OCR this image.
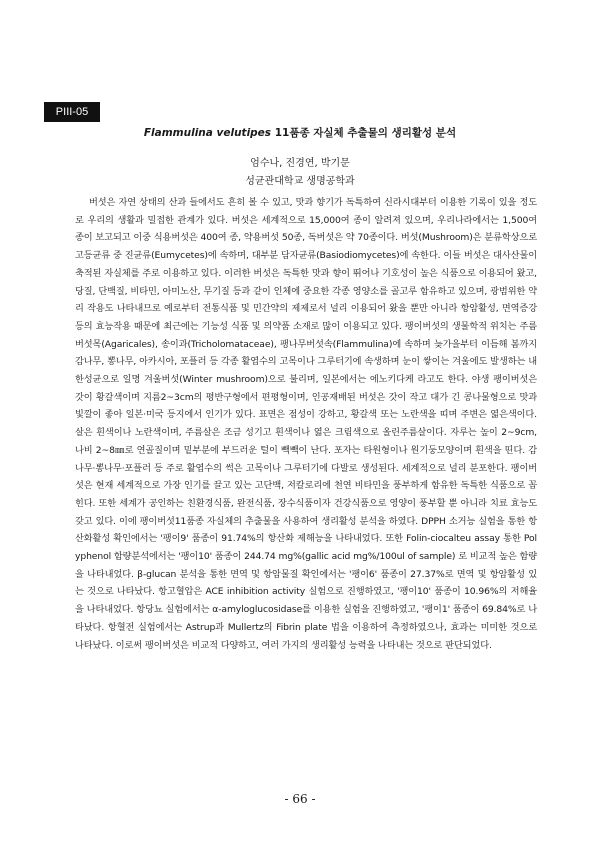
PIII-05
Flammulina velutipes 11품종 자실체 추출물의 생리활성 분석
엄수나, 진경연, 박기문
성균관대학교 생명공학과
버섯은 자연 상태의 산과 들에서도 흔히 볼 수 있고, 맛과 향기가 독특하여 신라시대부터 이용한 기록이 있을 정도로 우리의 생활과 밀접한 관계가 있다. 버섯은 세계적으로 15,000여 종이 알려져 있으며, 우리나라에서는 1,500여 종이 보고되고 이중 식용버섯은 400여 종, 약용버섯 50종, 독버섯은 약 70종이다. 버섯(Mushroom)은 분류학상으로 고등균류 중 진균류(Eumycetes)에 속하며, 대부분 담자균류(Basiodiomycetes)에 속한다. 이들 버섯은 대사산물이 축적된 자실체를 주로 이용하고 있다. 이러한 버섯은 독특한 맛과 향이 뛰어나 기호성이 높은 식품으로 이용되어 왔고, 당질, 단백질, 비타민, 아미노산, 무기질 등과 같이 인체에 중요한 각종 영양소를 골고루 함유하고 있으며, 광범위한 약리 작용도 나타내므로 예로부터 전통식품 및 민간약의 제제로서 널리 이용되어 왔을 뿐만 아니라 항암활성, 면역증강 등의 효능작용 때문에 최근에는 기능성 식품 및 의약품 소재로 많이 이용되고 있다. 팽이버섯의 생물학적 위치는 주름버섯목(Agaricales), 송이과(Tricholomataceae), 팽나무버섯속(Flammulina)에 속하며 늦가을부터 이듬해 봄까지 감나무, 뽕나무, 아카시아, 포플러 등 각종 활엽수의 고목이나 그루터기에 속생하며 눈이 쌓이는 겨울에도 발생하는 내한성균으로 일명 겨울버섯(Winter mushroom)으로 불리며, 일본에서는 에노키다케 라고도 한다. 야생 팽이버섯은 갓이 황갈색이며 지름2~3cm의 평반구형에서 편평형이며, 인공재배된 버섯은 갓이 작고 대가 긴 콩나물형으로 맛과 빛깔이 좋아 일본·미국 등지에서 인기가 있다. 표면은 점성이 강하고, 황갈색 또는 노란색을 띠며 주변은 엷은색이다. 살은 흰색이나 노란색이며, 주름살은 조금 성기고 흰색이나 엷은 크림색으로 올린주름살이다. 자루는 높이 2~9cm, 나비 2~8㎜로 연골질이며 밑부분에 부드러운 털이 빽빽이 난다. 포자는 타원형이나 원기둥모양이며 흰색을 띤다. 감나무·뽕나무·포플러 등 주로 활엽수의 썩은 고목이나 그루터기에 다발로 생성된다. 세계적으로 널리 분포한다. 팽이버섯은 현재 세계적으로 가장 인기를 끌고 있는 고단백, 저칼로리에 천연 비타민을 풍부하게 함유한 독특한 식품으로 꼽힌다. 또한 세계가 공인하는 친환경식품, 완전식품, 장수식품이자 건강식품으로 영양이 풍부할 뿐 아니라 치료 효능도 갖고 있다. 이에 팽이버섯11품종 자실체의 추출물을 사용하여 생리활성 분석을 하였다. DPPH 소거능 실험을 통한 항산화활성 확인에서는 '팽이9' 품종이 91.74%의 항산화 제해능을 나타내었다. 또한 Folin-ciocalteu assay 통한 Polyphenol 함량분석에서는 '팽이10' 품종이 244.74 mg%(gallic acid mg%/100ul of sample) 로 비교적 높은 함량을 나타내었다. β-glucan 분석을 통한 면역 및 항암물질 확인에서는 '팽이6' 품종이 27.37%로 면역 및 항암활성 있는 것으로 나타났다. 항고혈압은 ACE inhibition activity 실험으로 진행하였고, '팽이10' 품종이 10.96%의 저해율을 나타내었다. 항당뇨 실험에서는 α-amyloglucosidase를 이용한 실험을 진행하였고, '팽이1' 품종이 69.84%로 나타났다. 항혈전 실험에서는 Astrup과 Mullertz의 Fibrin plate 법을 이용하여 측정하였으나, 효과는 미미한 것으로 나타났다. 이로써 팽이버섯은 비교적 다양하고, 여러 가지의 생리활성 능력을 나타내는 것으로 판단되었다.
- 66 -
